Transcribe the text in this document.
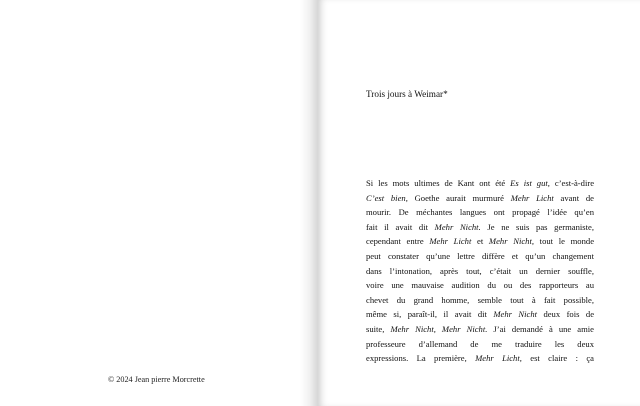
© 2024 Jean pierre Morcrette
Trois jours à Weimar*
Si les mots ultimes de Kant ont été Es ist gut, c’est-à-dire
C’est bien, Goethe aurait murmuré Mehr Licht avant de
mourir. De méchantes langues ont propagé l’idée qu’en
fait il avait dit Mehr Nicht. Je ne suis pas germaniste,
cependant entre Mehr Licht et Mehr Nicht, tout le monde
peut constater qu’une lettre diffère et qu’un changement
dans l’intonation, après tout, c’était un dernier souffle,
voire une mauvaise audition du ou des rapporteurs au
chevet du grand homme, semble tout à fait possible,
même si, paraît-il, il avait dit Mehr Nicht deux fois de
suite, Mehr Nicht, Mehr Nicht. J’ai demandé à une amie
professeure d’allemand de me traduire les deux
expressions. La première, Mehr Licht, est claire : ça
